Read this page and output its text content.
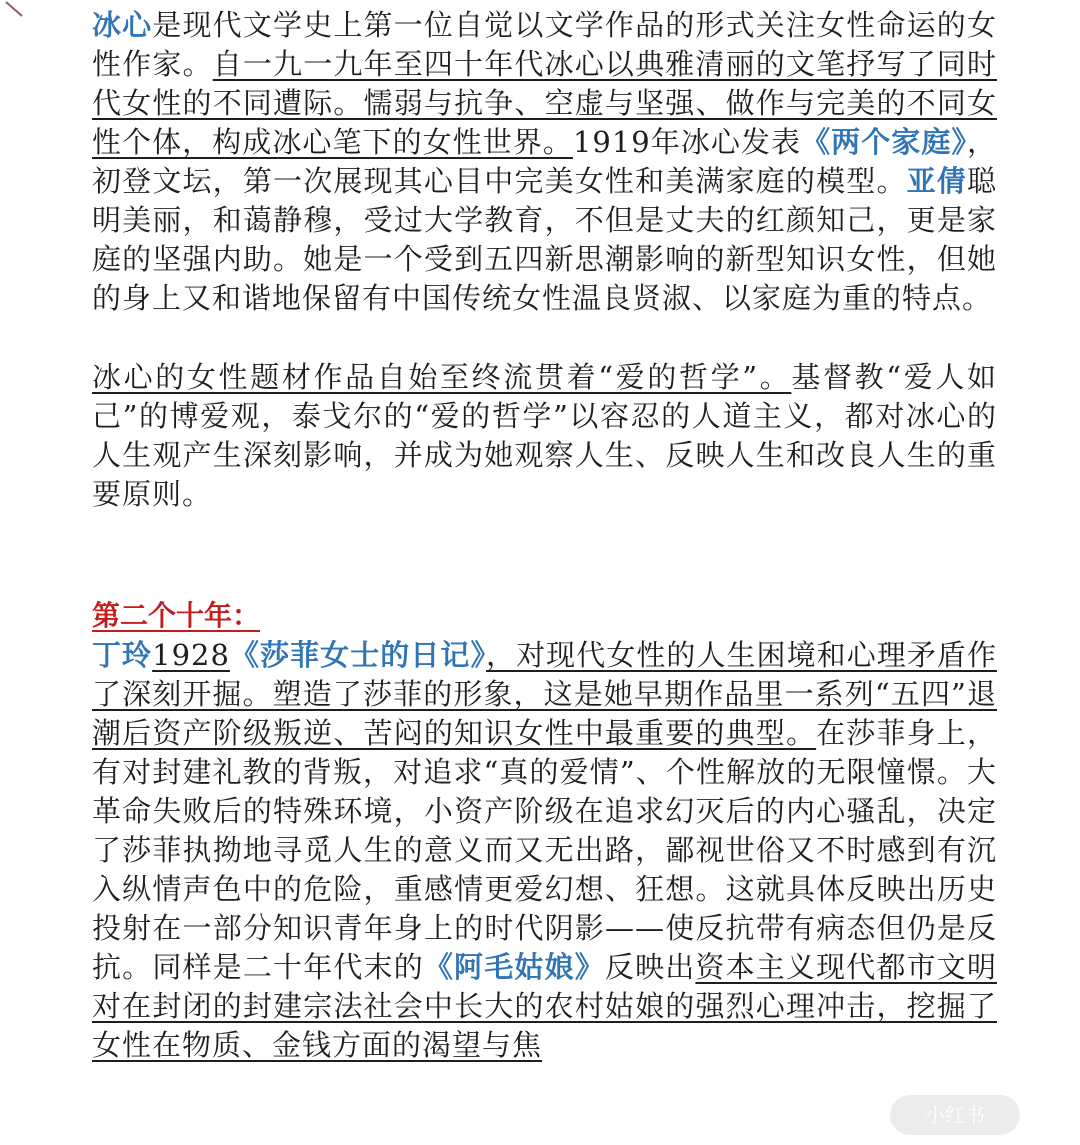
冰心是现代文学史上第一位自觉以文学作品的形式关注女性命运的女性作家。自一九一九年至四十年代冰心以典雅清丽的文笔抒写了同时代女性的不同遭际。懦弱与抗争、空虚与坚强、做作与完美的不同女性个体，构成冰心笔下的女性世界。1919年冰心发表《两个家庭》，初登文坛，第一次展现其心目中完美女性和美满家庭的模型。亚倩聪明美丽，和蔼静穆，受过大学教育，不但是丈夫的红颜知己，更是家庭的坚强内助。她是一个受到五四新思潮影响的新型知识女性，但她的身上又和谐地保留有中国传统女性温良贤淑、以家庭为重的特点。

冰心的女性题材作品自始至终流贯着“爱的哲学”。基督教“爱人如己”的博爱观，泰戈尔的“爱的哲学”以容忍的人道主义，都对冰心的人生观产生深刻影响，并成为她观察人生、反映人生和改良人生的重要原则。

第二个十年：

丁玲1928《莎菲女士的日记》，对现代女性的人生困境和心理矛盾作了深刻开掘。塑造了莎菲的形象，这是她早期作品里一系列“五四”退潮后资产阶级叛逆、苦闷的知识女性中最重要的典型。在莎菲身上，有对封建礼教的背叛，对追求“真的爱情”、个性解放的无限憧憬。大革命失败后的特殊环境，小资产阶级在追求幻灭后的内心骚乱，决定了莎菲执拗地寻觅人生的意义而又无出路，鄙视世俗又不时感到有沉入纵情声色中的危险，重感情更爱幻想、狂想。这就具体反映出历史投射在一部分知识青年身上的时代阴影——使反抗带有病态但仍是反抗。同样是二十年代末的《阿毛姑娘》反映出资本主义现代都市文明对在封闭的封建宗法社会中长大的农村姑娘的强烈心理冲击，挖掘了女性在物质、金钱方面的渴望与焦

小红书
